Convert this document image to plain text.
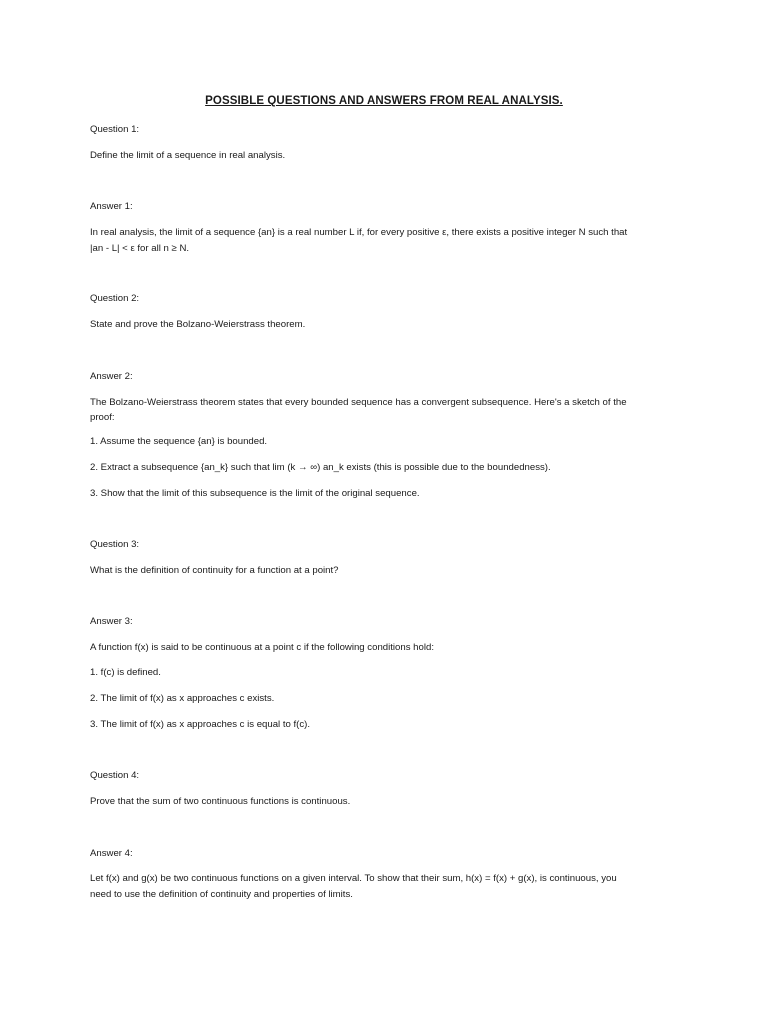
POSSIBLE QUESTIONS AND ANSWERS FROM REAL ANALYSIS.

Question 1:

Define the limit of a sequence in real analysis.

Answer 1:

In real analysis, the limit of a sequence {an} is a real number L if, for every positive ε, there exists a positive integer N such that

|an - L| < ε for all n ≥ N.

Question 2:

State and prove the Bolzano-Weierstrass theorem.

Answer 2:

The Bolzano-Weierstrass theorem states that every bounded sequence has a convergent subsequence. Here's a sketch of the

proof:

1. Assume the sequence {an} is bounded.

2. Extract a subsequence {an_k} such that lim (k → ∞) an_k exists (this is possible due to the boundedness).

3. Show that the limit of this subsequence is the limit of the original sequence.

Question 3:

What is the definition of continuity for a function at a point?

Answer 3:

A function f(x) is said to be continuous at a point c if the following conditions hold:

1. f(c) is defined.

2. The limit of f(x) as x approaches c exists.

3. The limit of f(x) as x approaches c is equal to f(c).

Question 4:

Prove that the sum of two continuous functions is continuous.

Answer 4:

Let f(x) and g(x) be two continuous functions on a given interval. To show that their sum, h(x) = f(x) + g(x), is continuous, you

need to use the definition of continuity and properties of limits.
